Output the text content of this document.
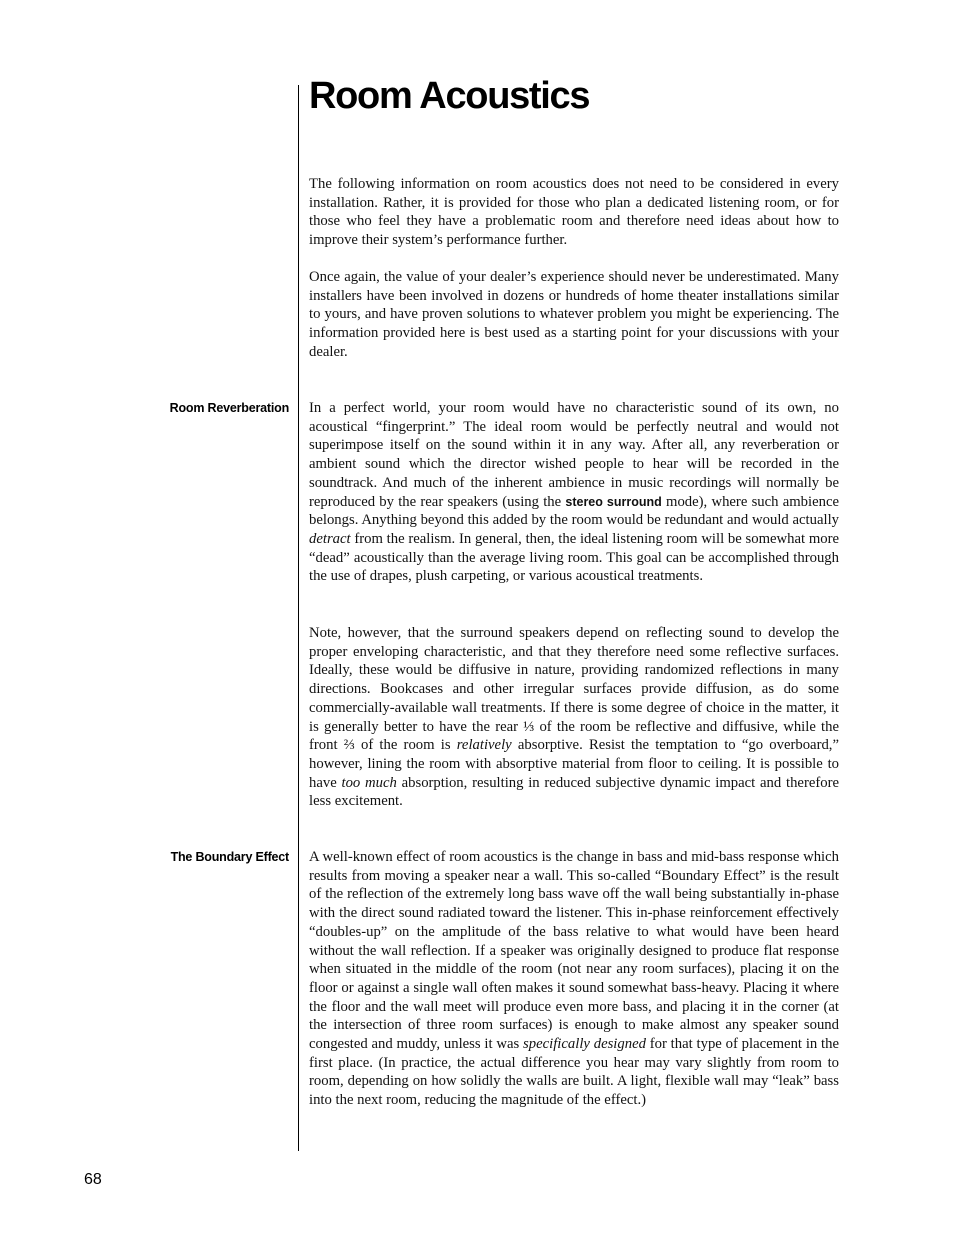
Room Acoustics

The following information on room acoustics does not need to be considered in every installation. Rather, it is provided for those who plan a dedicated listening room, or for those who feel they have a problematic room and therefore need ideas about how to improve their system’s performance further.

Once again, the value of your dealer’s experience should never be underestimated. Many installers have been involved in dozens or hundreds of home theater installations similar to yours, and have proven solutions to whatever problem you might be experiencing. The information provided here is best used as a starting point for your discussions with your dealer.

Room Reverberation In a perfect world, your room would have no characteristic sound of its own, no acoustical “fingerprint.” The ideal room would be perfectly neutral and would not superimpose itself on the sound within it in any way. After all, any reverberation or ambient sound which the director wished people to hear will be recorded in the soundtrack. And much of the inherent ambience in music recordings will normally be reproduced by the rear speakers (using the stereo surround mode), where such ambience belongs. Anything beyond this added by the room would be redundant and would actually detract from the realism. In general, then, the ideal listening room will be somewhat more “dead” acoustically than the average living room. This goal can be accomplished through the use of drapes, plush carpeting, or various acoustical treatments.

Note, however, that the surround speakers depend on reflecting sound to develop the proper enveloping characteristic, and that they therefore need some reflective surfaces. Ideally, these would be diffusive in nature, providing randomized reflections in many directions. Bookcases and other irregular surfaces provide diffusion, as do some commercially-available wall treatments. If there is some degree of choice in the matter, it is generally better to have the rear ⅓ of the room be reflective and diffusive, while the front ⅔ of the room is relatively absorptive. Resist the temptation to “go overboard,” however, lining the room with absorptive material from floor to ceiling. It is possible to have too much absorption, resulting in reduced subjective dynamic impact and therefore less excitement.

The Boundary Effect A well-known effect of room acoustics is the change in bass and mid-bass response which results from moving a speaker near a wall. This so-called “Boundary Effect” is the result of the reflection of the extremely long bass wave off the wall being substantially in-phase with the direct sound radiated toward the listener. This in-phase reinforcement effectively “doubles-up” on the amplitude of the bass relative to what would have been heard without the wall reflection. If a speaker was originally designed to produce flat response when situated in the middle of the room (not near any room surfaces), placing it on the floor or against a single wall often makes it sound somewhat bass-heavy. Placing it where the floor and the wall meet will produce even more bass, and placing it in the corner (at the intersection of three room surfaces) is enough to make almost any speaker sound congested and muddy, unless it was specifically designed for that type of placement in the first place. (In practice, the actual difference you hear may vary slightly from room to room, depending on how solidly the walls are built. A light, flexible wall may “leak” bass into the next room, reducing the magnitude of the effect.)

68
